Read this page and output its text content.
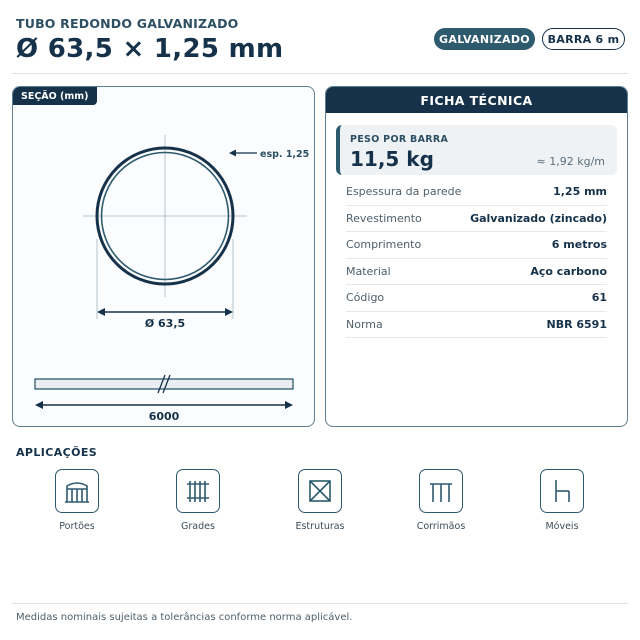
TUBO REDONDO GALVANIZADO
Ø 63,5 × 1,25 mm	GALVANIZADO	BARRA 6 m
esp. 1,25
Ø 63,5
6000
SEÇÃO (mm)	FICHA TÉCNICA
PESO POR BARRA
11,5 kg	≈ 1,92 kg/m
Espessura da parede	1,25 mm
Revestimento	Galvanizado (zincado)
Comprimento	6 metros
Material	Aço carbono
Código	61
Norma	NBR 6591
APLICAÇÕES
Portões	Grades	Estruturas	Corrimãos	Móveis
Medidas nominais sujeitas a tolerâncias conforme norma aplicável.
